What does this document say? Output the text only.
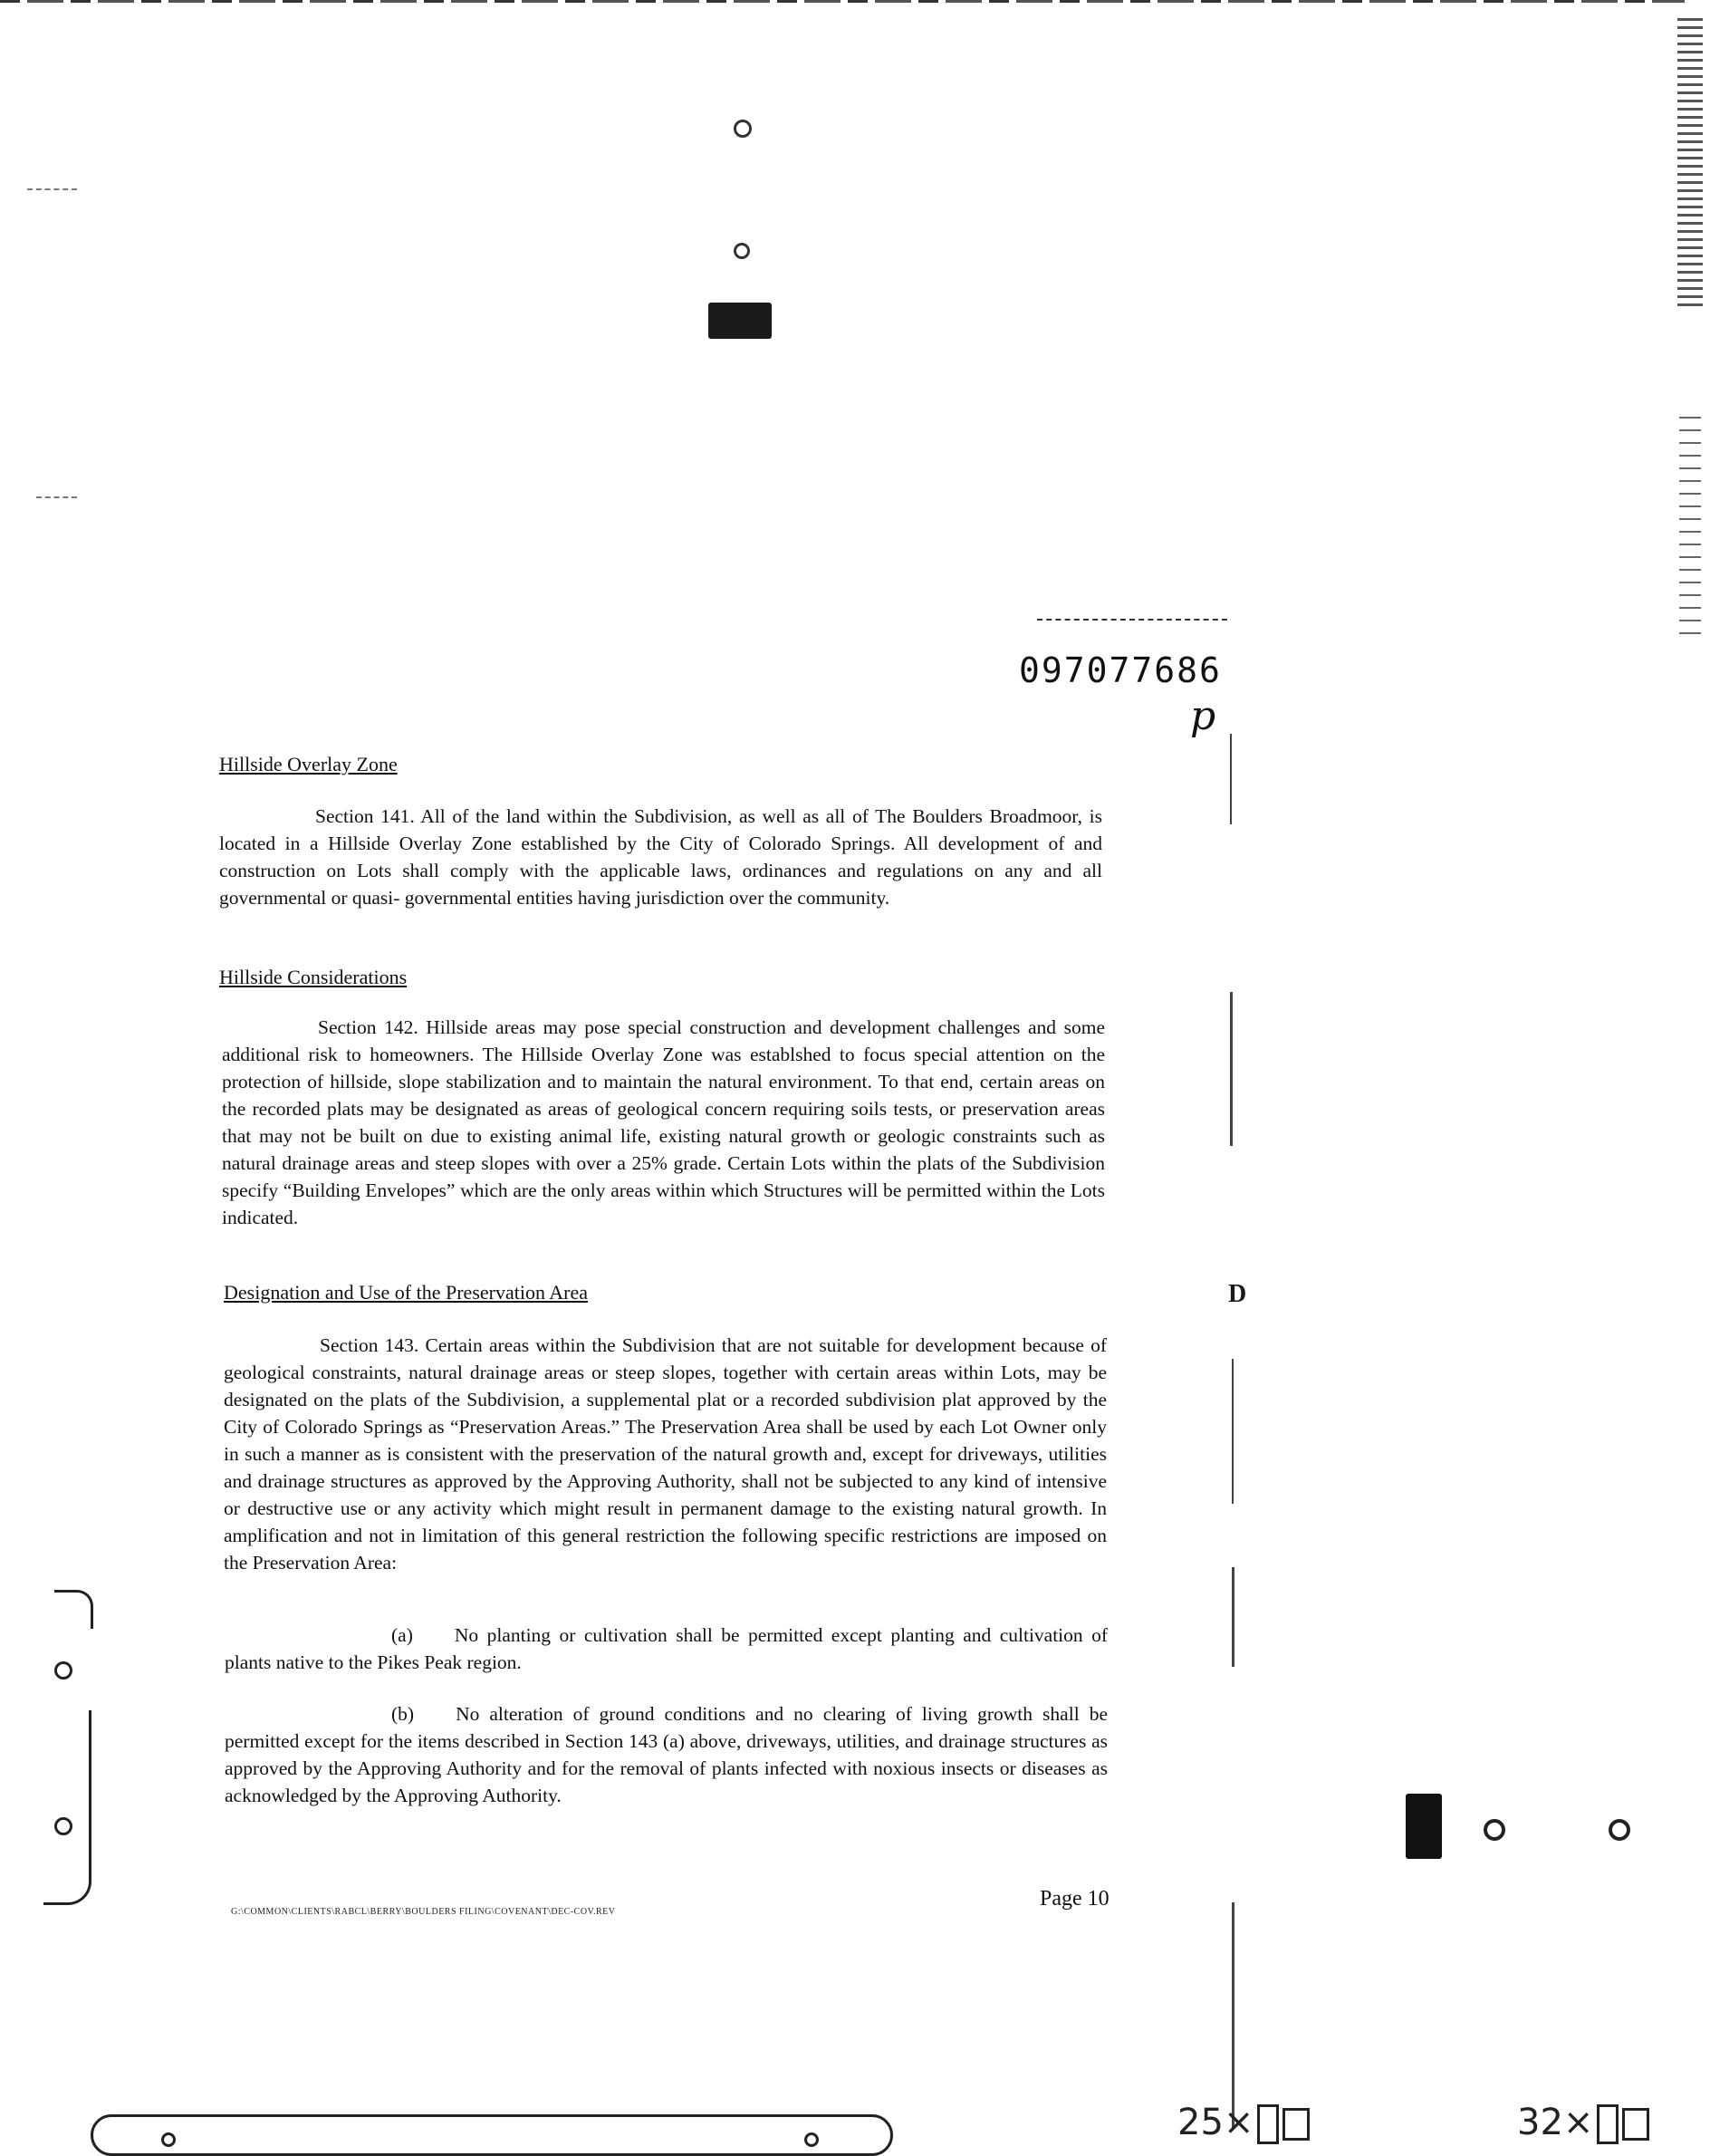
097077686
p
Hillside Overlay Zone

Section 141. All of the land within the Subdivision, as well as all of The Boulders Broadmoor, is located in a Hillside Overlay Zone established by the City of Colorado Springs. All development of and construction on Lots shall comply with the applicable laws, ordinances and regulations on any and all governmental or quasi- governmental entities having jurisdiction over the community.

Hillside Considerations

Section 142. Hillside areas may pose special construction and development challenges and some additional risk to homeowners. The Hillside Overlay Zone was establshed to focus special attention on the protection of hillside, slope stabilization and to maintain the natural environment. To that end, certain areas on the recorded plats may be designated as areas of geological concern requiring soils tests, or preservation areas that may not be built on due to existing animal life, existing natural growth or geologic constraints such as natural drainage areas and steep slopes with over a 25% grade. Certain Lots within the plats of the Subdivision specify “Building Envelopes” which are the only areas within which Structures will be permitted within the Lots indicated.

Designation and Use of the Preservation Area

Section 143. Certain areas within the Subdivision that are not suitable for development because of geological constraints, natural drainage areas or steep slopes, together with certain areas within Lots, may be designated on the plats of the Subdivision, a supplemental plat or a recorded subdivision plat approved by the City of Colorado Springs as “Preservation Areas.” The Preservation Area shall be used by each Lot Owner only in such a manner as is consistent with the preservation of the natural growth and, except for driveways, utilities and drainage structures as approved by the Approving Authority, shall not be subjected to any kind of intensive or destructive use or any activity which might result in permanent damage to the existing natural growth. In amplification and not in limitation of this general restriction the following specific restrictions are imposed on the Preservation Area:

(a) No planting or cultivation shall be permitted except planting and cultivation of plants native to the Pikes Peak region.

(b) No alteration of ground conditions and no clearing of living growth shall be permitted except for the items described in Section 143 (a) above, driveways, utilities, and drainage structures as approved by the Approving Authority and for the removal of plants infected with noxious insects or diseases as acknowledged by the Approving Authority.

D
G:\COMMON\CLIENTS\RABCL\BERRY\BOULDERS FILING\COVENANT\DEC-COV.REV
Page 10
25×	32×
